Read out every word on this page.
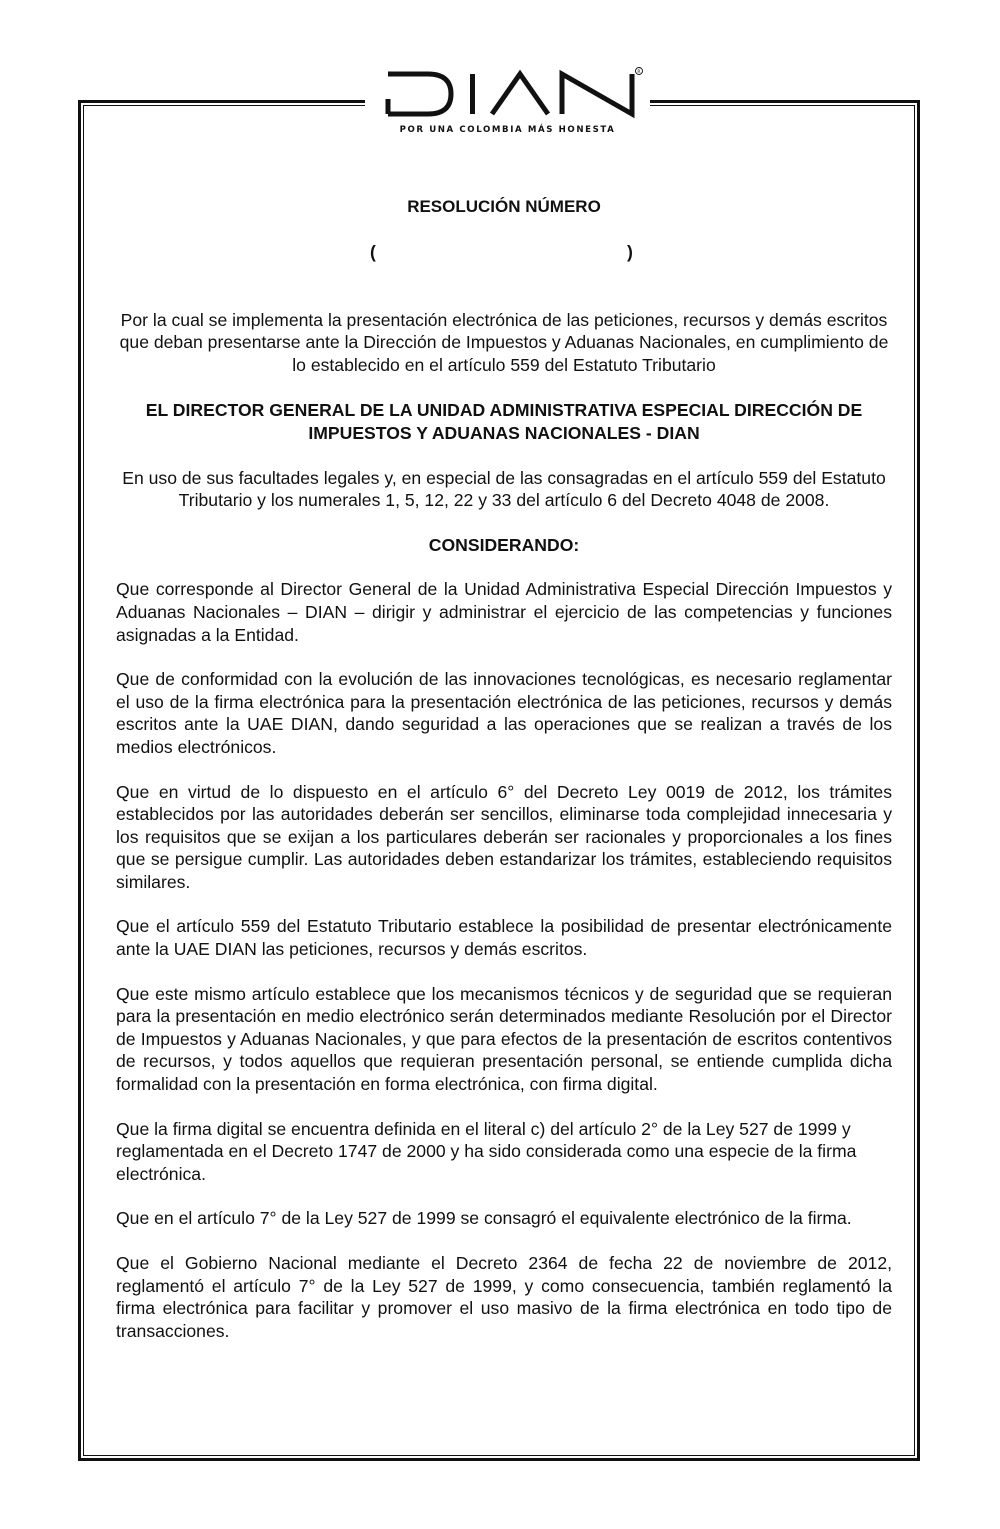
R
POR UNA COLOMBIA MÁS HONESTA

RESOLUCIÓN NÚMERO

(	)

Por la cual se implementa la presentación electrónica de las peticiones, recursos y demás escritos que deban presentarse ante la Dirección de Impuestos y Aduanas Nacionales, en cumplimiento de lo establecido en el artículo 559 del Estatuto Tributario

EL DIRECTOR GENERAL DE LA UNIDAD ADMINISTRATIVA ESPECIAL DIRECCIÓN DE IMPUESTOS Y ADUANAS NACIONALES - DIAN

En uso de sus facultades legales y, en especial de las consagradas en el artículo 559 del Estatuto Tributario y los numerales 1, 5, 12, 22 y 33 del artículo 6 del Decreto 4048 de 2008.

CONSIDERANDO:

Que corresponde al Director General de la Unidad Administrativa Especial Dirección Impuestos y Aduanas Nacionales – DIAN – dirigir y administrar el ejercicio de las competencias y funciones asignadas a la Entidad.

Que de conformidad con la evolución de las innovaciones tecnológicas, es necesario reglamentar el uso de la firma electrónica para la presentación electrónica de las peticiones, recursos y demás escritos ante la UAE DIAN, dando seguridad a las operaciones que se realizan a través de los medios electrónicos.

Que en virtud de lo dispuesto en el artículo 6° del Decreto Ley 0019 de 2012, los trámites establecidos por las autoridades deberán ser sencillos, eliminarse toda complejidad innecesaria y los requisitos que se exijan a los particulares deberán ser racionales y proporcionales a los fines que se persigue cumplir. Las autoridades deben estandarizar los trámites, estableciendo requisitos similares.

Que el artículo 559 del Estatuto Tributario establece la posibilidad de presentar electrónicamente ante la UAE DIAN las peticiones, recursos y demás escritos.

Que este mismo artículo establece que los mecanismos técnicos y de seguridad que se requieran para la presentación en medio electrónico serán determinados mediante Resolución por el Director de Impuestos y Aduanas Nacionales, y que para efectos de la presentación de escritos contentivos de recursos, y todos aquellos que requieran presentación personal, se entiende cumplida dicha formalidad con la presentación en forma electrónica, con firma digital.

Que la firma digital se encuentra definida en el literal c) del artículo 2° de la Ley 527 de 1999 y reglamentada en el Decreto 1747 de 2000 y ha sido considerada como una especie de la firma electrónica.

Que en el artículo 7° de la Ley 527 de 1999 se consagró el equivalente electrónico de la firma.

Que el Gobierno Nacional mediante el Decreto 2364 de fecha 22 de noviembre de 2012, reglamentó el artículo 7° de la Ley 527 de 1999, y como consecuencia, también reglamentó la firma electrónica para facilitar y promover el uso masivo de la firma electrónica en todo tipo de transacciones.
